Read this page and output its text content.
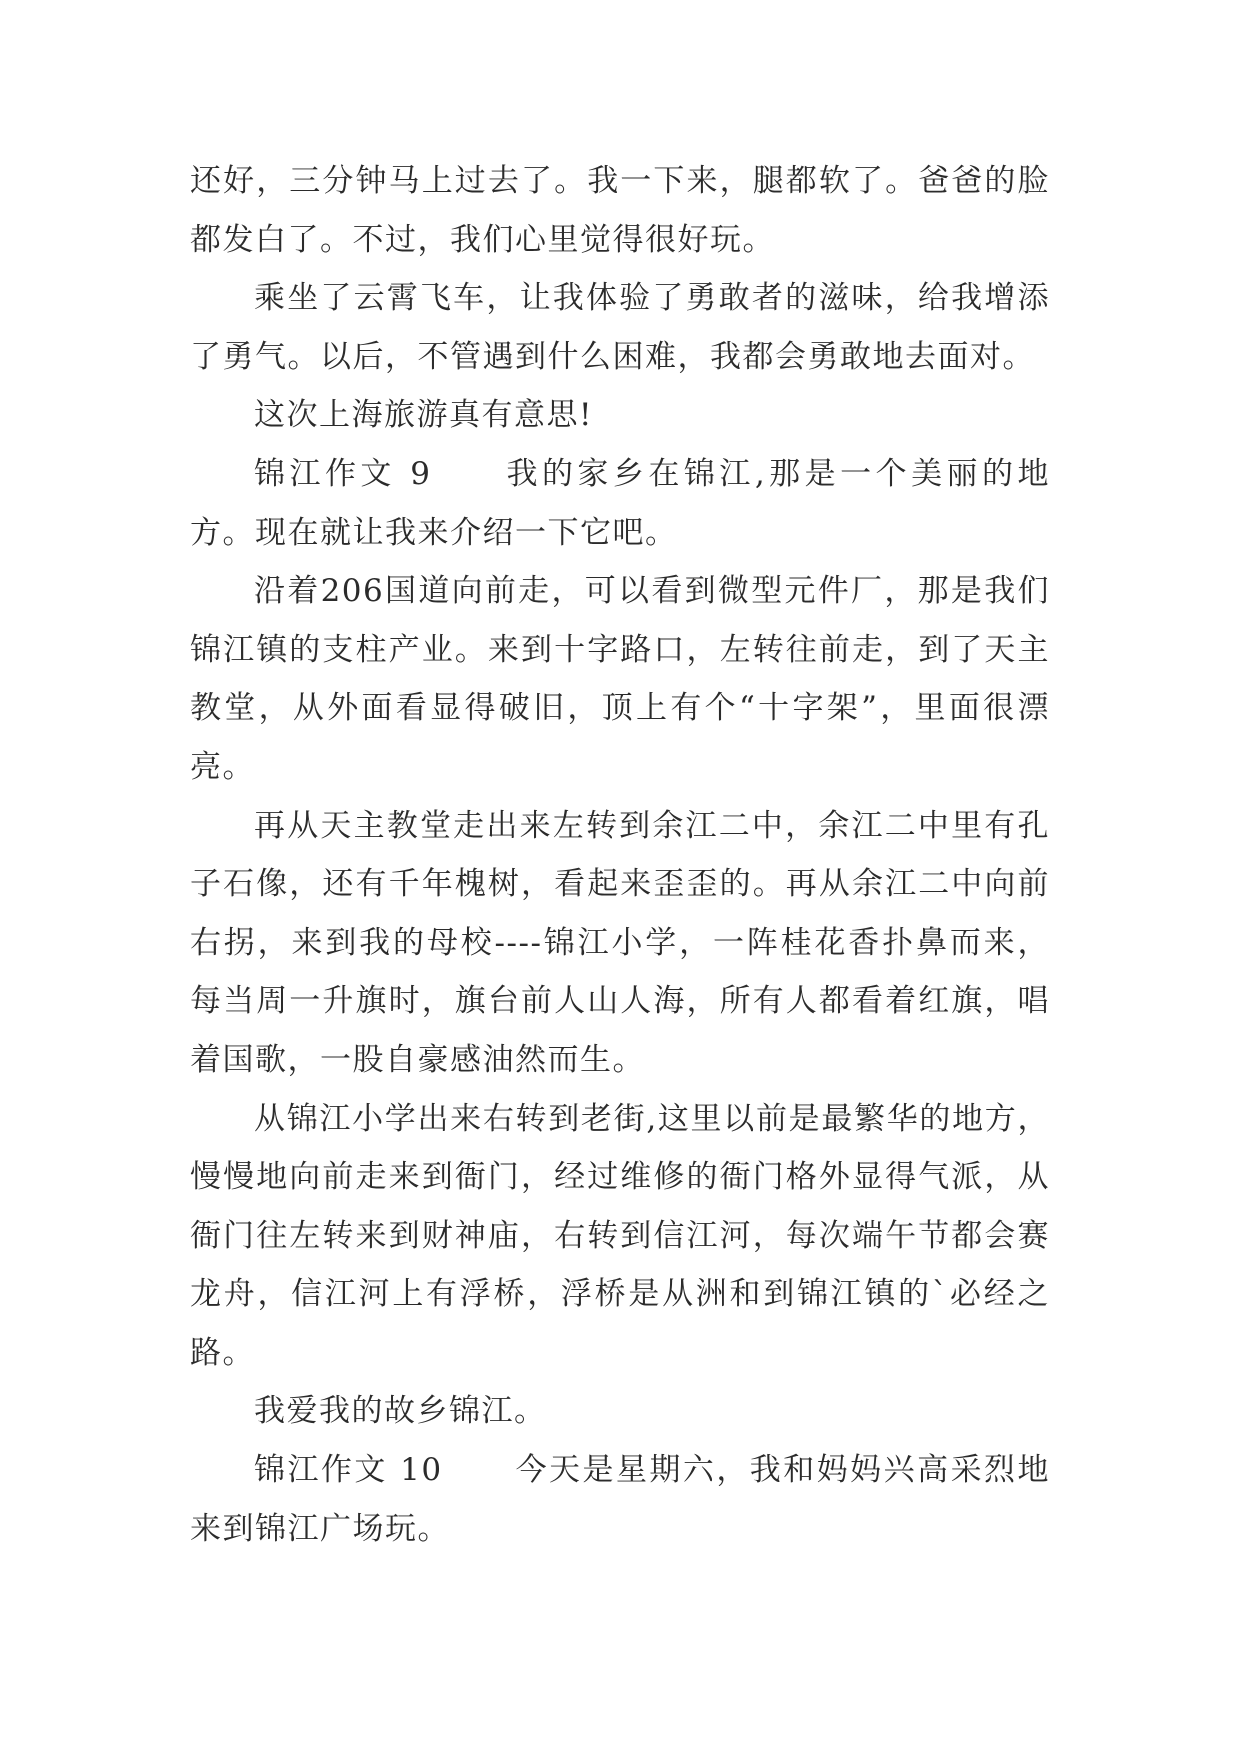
还好，三分钟马上过去了。我一下来，腿都软了。爸爸的脸都发白了。不过，我们心里觉得很好玩。

乘坐了云霄飞车，让我体验了勇敢者的滋味，给我增添了勇气。以后，不管遇到什么困难，我都会勇敢地去面对。

这次上海旅游真有意思!

锦江作文 9 我的家乡在锦江,那是一个美丽的地方。现在就让我来介绍一下它吧。

沿着206国道向前走，可以看到微型元件厂，那是我们锦江镇的支柱产业。来到十字路口，左转往前走，到了天主教堂，从外面看显得破旧，顶上有个“十字架”，里面很漂亮。

再从天主教堂走出来左转到余江二中，余江二中里有孔子石像，还有千年槐树，看起来歪歪的。再从余江二中向前右拐，来到我的母校----锦江小学，一阵桂花香扑鼻而来，每当周一升旗时，旗台前人山人海，所有人都看着红旗，唱着国歌，一股自豪感油然而生。

从锦江小学出来右转到老街,这里以前是最繁华的地方，慢慢地向前走来到衙门，经过维修的衙门格外显得气派，从衙门往左转来到财神庙，右转到信江河，每次端午节都会赛龙舟，信江河上有浮桥，浮桥是从洲和到锦江镇的`必经之路。

我爱我的故乡锦江。

锦江作文 10 今天是星期六，我和妈妈兴高采烈地来到锦江广场玩。
